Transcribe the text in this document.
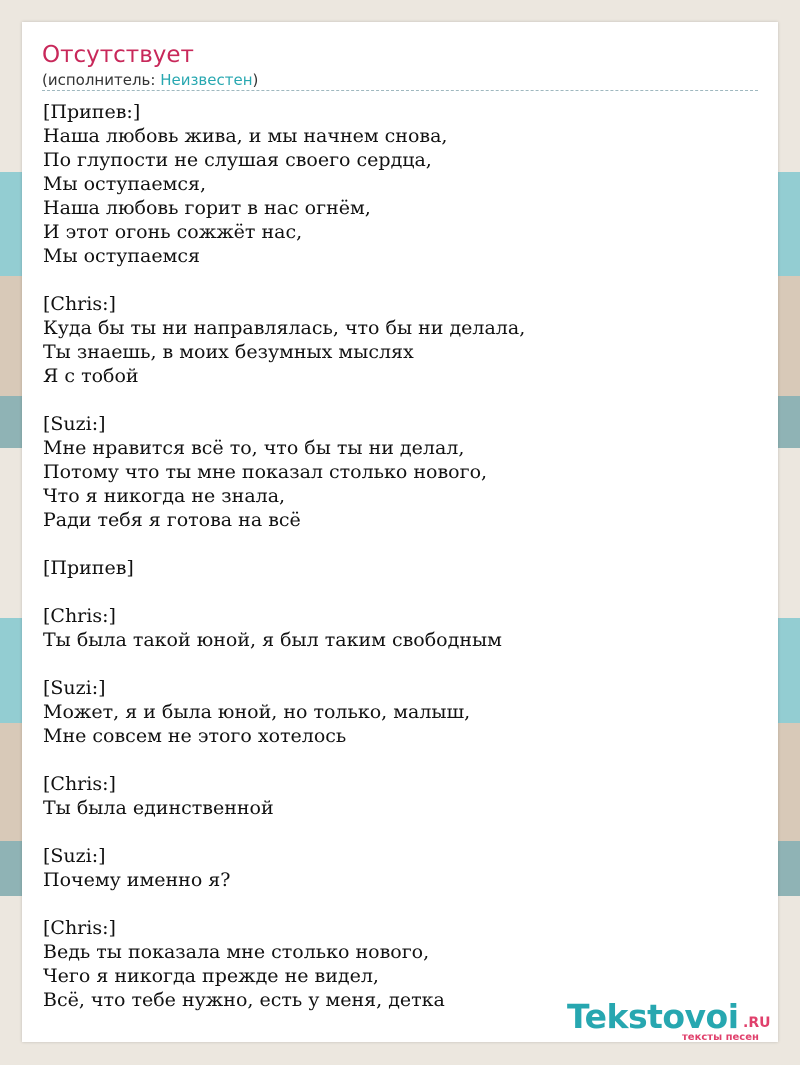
Отсутствует
(исполнитель: Неизвестен)
[Припев:]
Наша любовь жива, и мы начнем снова,
По глупости не слушая своего сердца,
Мы оступаемся,
Наша любовь горит в нас огнём,
И этот огонь сожжёт нас,
Мы оступаемся
[Chris:]
Куда бы ты ни направлялась, что бы ни делала,
Ты знаешь, в моих безумных мыслях
Я с тобой
[Suzi:]
Мне нравится всё то, что бы ты ни делал,
Потому что ты мне показал столько нового,
Что я никогда не знала,
Ради тебя я готова на всё
[Припев]
[Chris:]
Ты была такой юной, я был таким свободным
[Suzi:]
Может, я и была юной, но только, малыш,
Мне совсем не этого хотелось
[Chris:]
Ты была единственной
[Suzi:]
Почему именно я?
[Chris:]
Ведь ты показала мне столько нового,
Чего я никогда прежде не видел,
Всё, что тебе нужно, есть у меня, детка	Tekstovoi .RU
тексты песен
